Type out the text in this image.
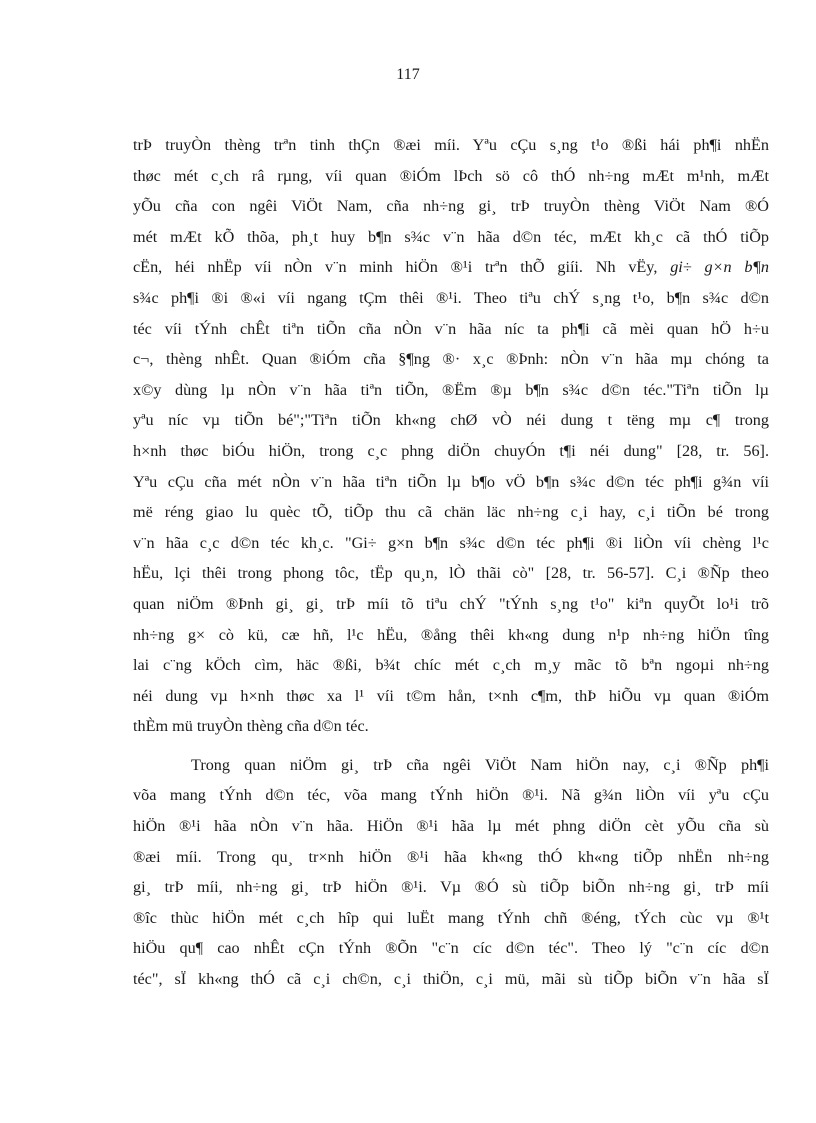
117
trÞ truyÒn thèng trªn tinh thÇn ®æi míi. Yªu cÇu s¸ng t¹o ®ßi hái ph¶i nhËn
thøc mét c¸ch râ rµng, víi quan ®iÓm lÞch sö cô thÓ nh÷ng mÆt m¹nh, mÆt
yÕu cña con ngêi ViÖt Nam, cña nh÷ng gi¸ trÞ truyÒn thèng ViÖt Nam ®Ó
mét mÆt kÕ thõa, ph¸t huy b¶n s¾c v¨n hãa d©n téc, mÆt kh¸c cã thÓ tiÕp
cËn, héi nhËp víi nÒn v¨n minh hiÖn ®¹i trªn thÕ giíi. Nh vËy, gi÷ g×n b¶n
s¾c ph¶i ®i ®«i víi ngang tÇm thêi ®¹i. Theo tiªu chÝ s¸ng t¹o, b¶n s¾c d©n
téc víi tÝnh chÊt tiªn tiÕn cña nÒn v¨n hãa níc ta ph¶i cã mèi quan hÖ h÷u
c¬, thèng nhÊt. Quan ®iÓm cña §¶ng ®· x¸c ®Þnh: nÒn v¨n hãa mµ chóng ta
x©y dùng lµ nÒn v¨n hãa tiªn tiÕn, ®Ëm ®µ b¶n s¾c d©n téc."Tiªn tiÕn lµ
yªu níc vµ tiÕn bé";"Tiªn tiÕn kh«ng chØ vÒ néi dung t tëng mµ c¶ trong
h×nh thøc biÓu hiÖn, trong c¸c phng diÖn chuyÓn t¶i néi dung" [28, tr. 56].
Yªu cÇu cña mét nÒn v¨n hãa tiªn tiÕn lµ b¶o vÖ b¶n s¾c d©n téc ph¶i g¾n víi
më réng giao lu quèc tÕ, tiÕp thu cã chän läc nh÷ng c¸i hay, c¸i tiÕn bé trong
v¨n hãa c¸c d©n téc kh¸c. "Gi÷ g×n b¶n s¾c d©n téc ph¶i ®i liÒn víi chèng l¹c
hËu, lçi thêi trong phong tôc, tËp qu¸n, lÒ thãi cò" [28, tr. 56-57]. C¸i ®Ñp theo
quan niÖm ®Þnh gi¸ gi¸ trÞ míi tõ tiªu chÝ "tÝnh s¸ng t¹o" kiªn quyÕt lo¹i trõ
nh÷ng g× cò kü, cæ hñ, l¹c hËu, ®ång thêi kh«ng dung n¹p nh÷ng hiÖn tîng
lai c¨ng kÖch cìm, häc ®ßi, b¾t chíc mét c¸ch m¸y mãc tõ bªn ngoµi nh÷ng
néi dung vµ h×nh thøc xa l¹ víi t©m hån, t×nh c¶m, thÞ hiÕu vµ quan ®iÓm
thÈm mü truyÒn thèng cña d©n téc.
Trong quan niÖm gi¸ trÞ cña ngêi ViÖt Nam hiÖn nay, c¸i ®Ñp ph¶i
võa mang tÝnh d©n téc, võa mang tÝnh hiÖn ®¹i. Nã g¾n liÒn víi yªu cÇu
hiÖn ®¹i hãa nÒn v¨n hãa. HiÖn ®¹i hãa lµ mét phng diÖn cèt yÕu cña sù
®æi míi. Trong qu¸ tr×nh hiÖn ®¹i hãa kh«ng thÓ kh«ng tiÕp nhËn nh÷ng
gi¸ trÞ míi, nh÷ng gi¸ trÞ hiÖn ®¹i. Vµ ®Ó sù tiÕp biÕn nh÷ng gi¸ trÞ míi
®îc thùc hiÖn mét c¸ch hîp qui luËt mang tÝnh chñ ®éng, tÝch cùc vµ ®¹t
hiÖu qu¶ cao nhÊt cÇn tÝnh ®Õn "c¨n cíc d©n téc". Theo lý "c¨n cíc d©n
téc", sÏ kh«ng thÓ cã c¸i ch©n, c¸i thiÖn, c¸i mü, mãi sù tiÕp biÕn v¨n hãa sÏ
